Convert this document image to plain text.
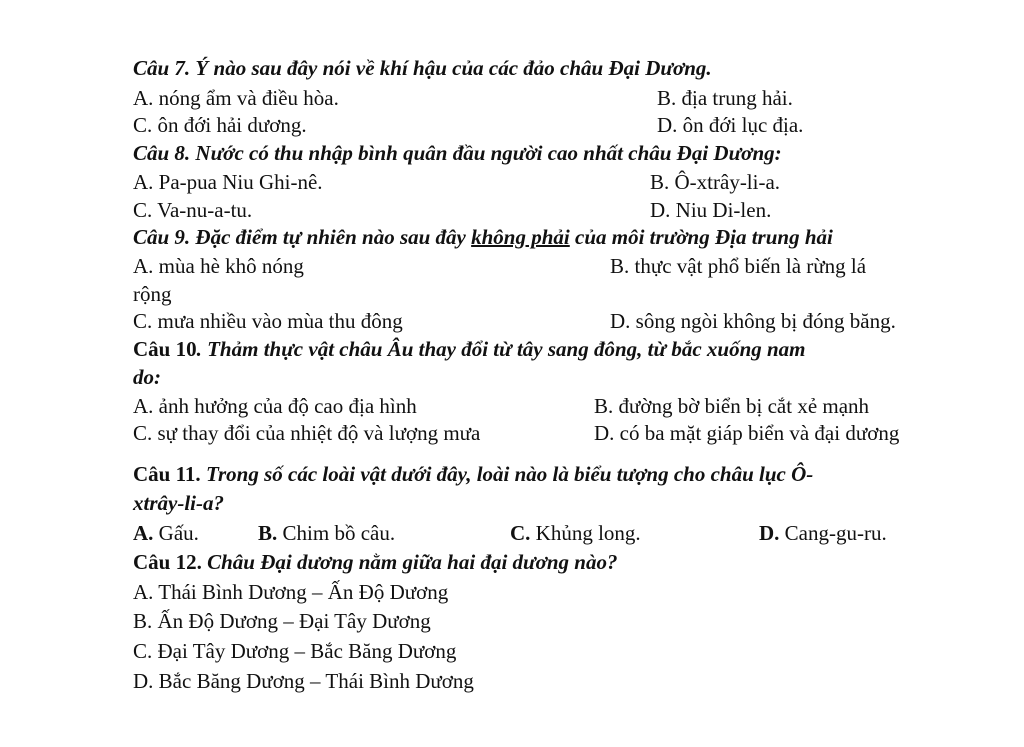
Câu 7. Ý nào sau đây nói về khí hậu của các đảo châu Đại Dương.
A. nóng ẩm và điều hòa.	B. địa trung hải.
C. ôn đới hải dương.	D. ôn đới lục địa.
Câu 8. Nước có thu nhập bình quân đầu người cao nhất châu Đại Dương:
A. Pa-pua Niu Ghi-nê.	B. Ô-xtrây-li-a.
C. Va-nu-a-tu.	D. Niu Di-len.
Câu 9. Đặc điểm tự nhiên nào sau đây không phải của môi trường Địa trung hải
A. mùa hè khô nóng	B. thực vật phổ biến là rừng lá
rộng
C. mưa nhiều vào mùa thu đông	D. sông ngòi không bị đóng băng.
Câu 10. Thảm thực vật châu Âu thay đổi từ tây sang đông, từ bắc xuống nam
do:
A. ảnh hưởng của độ cao địa hình	B. đường bờ biển bị cắt xẻ mạnh
C. sự thay đổi của nhiệt độ và lượng mưa	D. có ba mặt giáp biển và đại dương
Câu 11. Trong số các loài vật dưới đây, loài nào là biểu tượng cho châu lục Ô-
xtrây-li-a?
A. Gấu.	B. Chim bồ câu.	C. Khủng long.	D. Cang-gu-ru.
Câu 12. Châu Đại dương nằm giữa hai đại dương nào?
A. Thái Bình Dương – Ấn Độ Dương
B. Ấn Độ Dương – Đại Tây Dương
C. Đại Tây Dương – Bắc Băng Dương
D. Bắc Băng Dương – Thái Bình Dương
